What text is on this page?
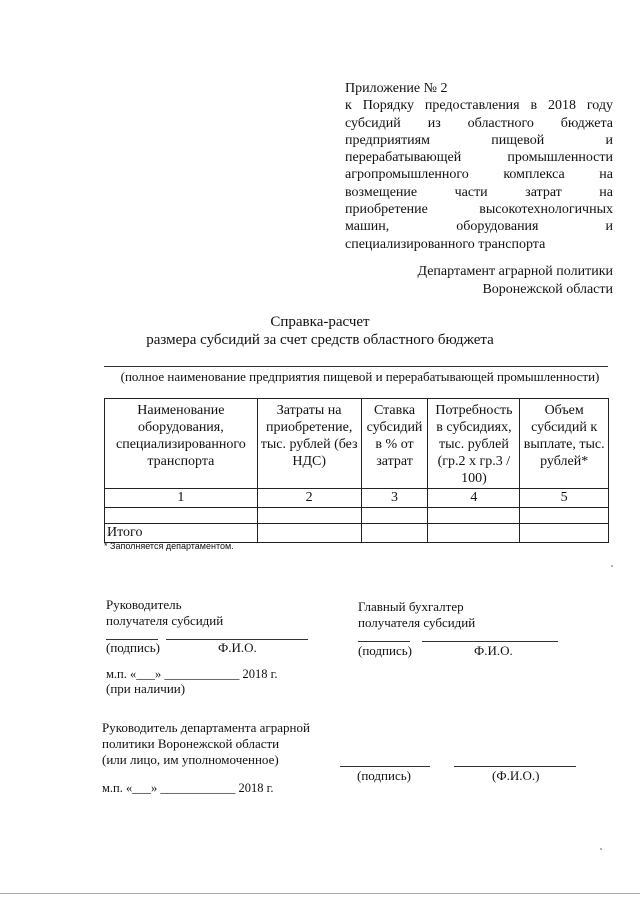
Приложение № 2
к Порядку предоставления в 2018 году
субсидий из областного бюджета
предприятиям пищевой и
перерабатывающей промышленности
агропромышленного комплекса на
возмещение части затрат на
приобретение высокотехнологичных
машин, оборудования и
специализированного транспорта
Департамент аграрной политики
Воронежской области
Справка-расчет
размера субсидий за счет средств областного бюджета
(полное наименование предприятия пищевой и перерабатывающей промышленности)
Наименование оборудования, специализированного транспорта	Затраты на приобретение, тыс. рублей (без НДС)	Ставка субсидий в % от затрат	Потребность в субсидиях, тыс. рублей (гр.2 х гр.3 / 100)	Объем субсидий к выплате, тыс. рублей*
1	2	3	4	5

Итого				
* Заполняется департаментом.
Руководитель
получателя субсидий
(подпись)	Ф.И.О.
м.п. «___» ____________ 2018 г.
(при наличии)
Главный бухгалтер
получателя субсидий
(подпись)	Ф.И.О.
Руководитель департамента аграрной
политики Воронежской области
(или лицо, им уполномоченное)
(подпись)	(Ф.И.О.)
м.п. «___» ____________ 2018 г.
